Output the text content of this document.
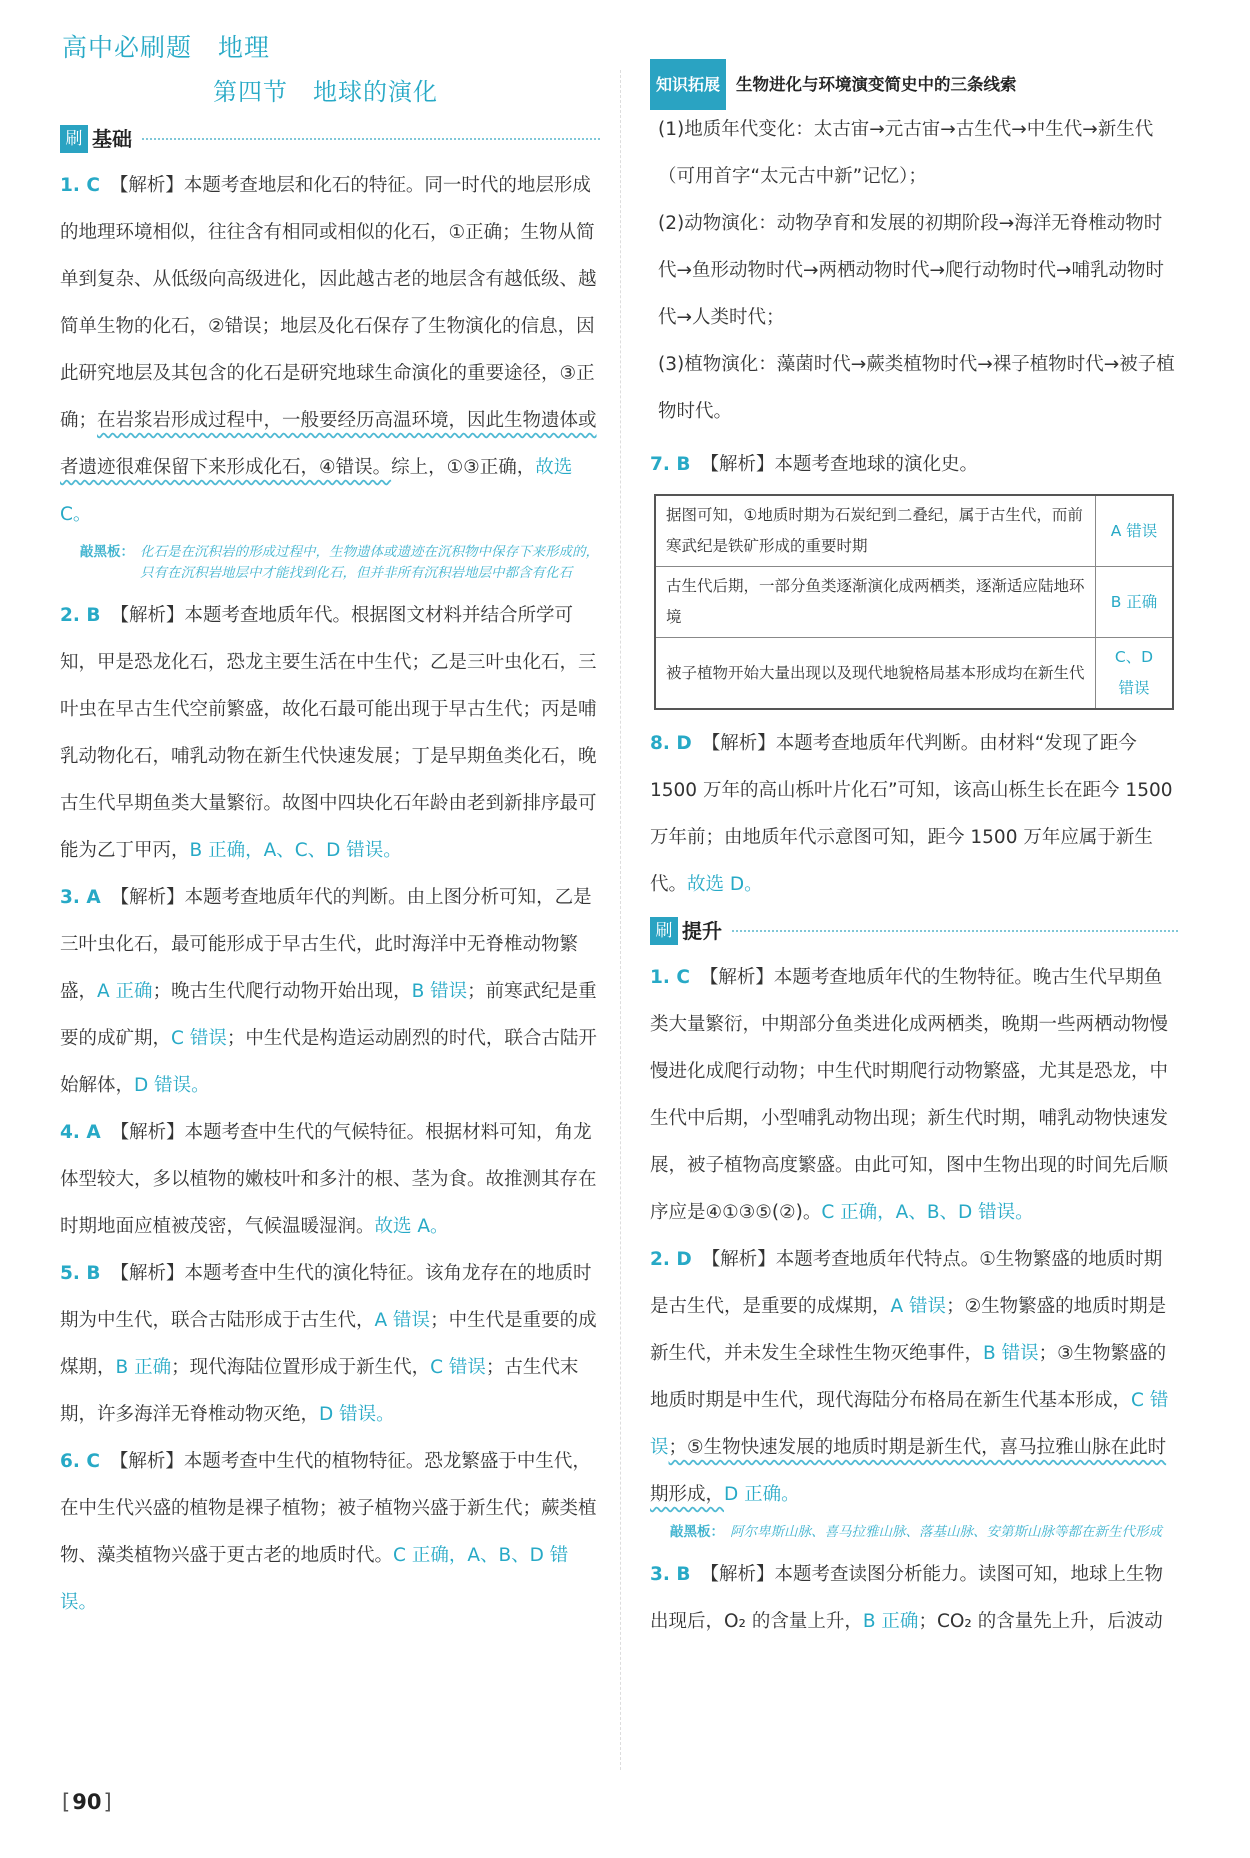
高中必刷题　地理
第四节　地球的演化
刷 基础

1. C 【解析】本题考查地层和化石的特征。同一时代的地层形成的地理环境相似，往往含有相同或相似的化石，①正确；生物从简单到复杂、从低级向高级进化，因此越古老的地层含有越低级、越简单生物的化石，②错误；地层及化石保存了生物演化的信息，因此研究地层及其包含的化石是研究地球生命演化的重要途径，③正确；在岩浆岩形成过程中，一般要经历高温环境，因此生物遗体或者遗迹很难保留下来形成化石，④错误。综上，①③正确，故选 C。

敲黑板： 化石是在沉积岩的形成过程中，生物遗体或遗迹在沉积物中保存下来形成的，只有在沉积岩地层中才能找到化石，但并非所有沉积岩地层中都含有化石

2. B 【解析】本题考查地质年代。根据图文材料并结合所学可知，甲是恐龙化石，恐龙主要生活在中生代；乙是三叶虫化石，三叶虫在早古生代空前繁盛，故化石最可能出现于早古生代；丙是哺乳动物化石，哺乳动物在新生代快速发展；丁是早期鱼类化石，晚古生代早期鱼类大量繁衍。故图中四块化石年龄由老到新排序最可能为乙丁甲丙，B 正确，A、C、D 错误。

3. A 【解析】本题考查地质年代的判断。由上图分析可知，乙是三叶虫化石，最可能形成于早古生代，此时海洋中无脊椎动物繁盛，A 正确；晚古生代爬行动物开始出现，B 错误；前寒武纪是重要的成矿期，C 错误；中生代是构造运动剧烈的时代，联合古陆开始解体，D 错误。

4. A 【解析】本题考查中生代的气候特征。根据材料可知，角龙体型较大，多以植物的嫩枝叶和多汁的根、茎为食。故推测其存在时期地面应植被茂密，气候温暖湿润。故选 A。

5. B 【解析】本题考查中生代的演化特征。该角龙存在的地质时期为中生代，联合古陆形成于古生代，A 错误；中生代是重要的成煤期，B 正确；现代海陆位置形成于新生代，C 错误；古生代末期，许多海洋无脊椎动物灭绝，D 错误。

6. C 【解析】本题考查中生代的植物特征。恐龙繁盛于中生代，在中生代兴盛的植物是裸子植物；被子植物兴盛于新生代；蕨类植物、藻类植物兴盛于更古老的地质时代。C 正确，A、B、D 错误。

知识拓展 生物进化与环境演变简史中的三条线索
(1)地质年代变化：太古宙→元古宙→古生代→中生代→新生代（可用首字“太元古中新”记忆）；
(2)动物演化：动物孕育和发展的初期阶段→海洋无脊椎动物时代→鱼形动物时代→两栖动物时代→爬行动物时代→哺乳动物时代→人类时代；
(3)植物演化：藻菌时代→蕨类植物时代→裸子植物时代→被子植物时代。

7. B 【解析】本题考查地球的演化史。

据图可知，①地质时期为石炭纪到二叠纪，属于古生代，而前寒武纪是铁矿形成的重要时期	A 错误
古生代后期，一部分鱼类逐渐演化成两栖类，逐渐适应陆地环境	B 正确
被子植物开始大量出现以及现代地貌格局基本形成均在新生代	C、D 错误

8. D 【解析】本题考查地质年代判断。由材料“发现了距今 1500 万年的高山栎叶片化石”可知，该高山栎生长在距今 1500 万年前；由地质年代示意图可知，距今 1500 万年应属于新生代。故选 D。

刷 提升

1. C 【解析】本题考查地质年代的生物特征。晚古生代早期鱼类大量繁衍，中期部分鱼类进化成两栖类，晚期一些两栖动物慢慢进化成爬行动物；中生代时期爬行动物繁盛，尤其是恐龙，中生代中后期，小型哺乳动物出现；新生代时期，哺乳动物快速发展，被子植物高度繁盛。由此可知，图中生物出现的时间先后顺序应是④①③⑤(②)。C 正确，A、B、D 错误。

2. D 【解析】本题考查地质年代特点。①生物繁盛的地质时期是古生代，是重要的成煤期，A 错误；②生物繁盛的地质时期是新生代，并未发生全球性生物灭绝事件，B 错误；③生物繁盛的地质时期是中生代，现代海陆分布格局在新生代基本形成，C 错误；⑤生物快速发展的地质时期是新生代，喜马拉雅山脉在此时期形成，D 正确。

敲黑板： 阿尔卑斯山脉、喜马拉雅山脉、落基山脉、安第斯山脉等都在新生代形成

3. B 【解析】本题考查读图分析能力。读图可知，地球上生物出现后，O₂ 的含量上升，B 正确；CO₂ 的含量先上升，后波动

[ 90 ]
